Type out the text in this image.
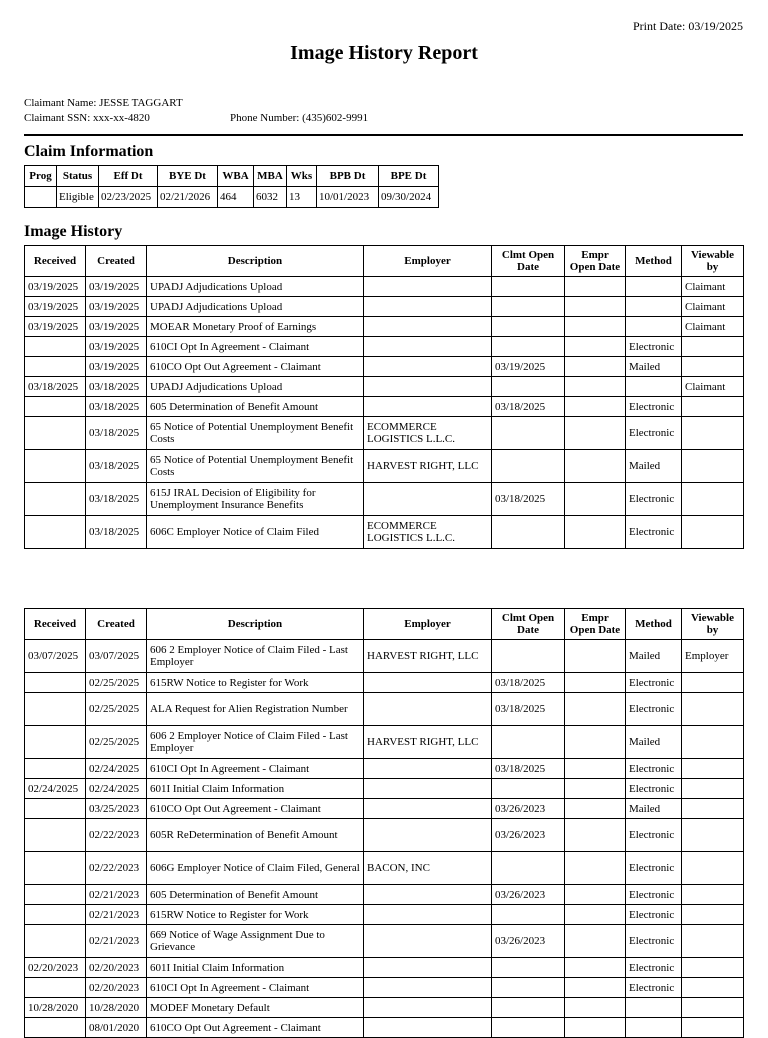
Print Date: 03/19/2025
Image History Report
Claimant Name: JESSE TAGGART
Claimant SSN: xxx-xx-4820	Phone Number: (435)602-9991
Claim Information
Prog	Status	Eff Dt	BYE Dt	WBA	MBA	Wks	BPB Dt	BPE Dt
	Eligible	02/23/2025	02/21/2026	464	6032	13	10/01/2023	09/30/2024
Image History
Received	Created	Description	Employer	Clmt Open Date	Empr Open Date	Method	Viewable by
03/19/2025	03/19/2025	UPADJ Adjudications Upload					Claimant
03/19/2025	03/19/2025	UPADJ Adjudications Upload					Claimant
03/19/2025	03/19/2025	MOEAR Monetary Proof of Earnings					Claimant
	03/19/2025	610CI Opt In Agreement - Claimant				Electronic	
	03/19/2025	610CO Opt Out Agreement - Claimant		03/19/2025		Mailed	
03/18/2025	03/18/2025	UPADJ Adjudications Upload					Claimant
	03/18/2025	605 Determination of Benefit Amount		03/18/2025		Electronic	
	03/18/2025	65 Notice of Potential Unemployment Benefit Costs	ECOMMERCE LOGISTICS L.L.C.			Electronic	
	03/18/2025	65 Notice of Potential Unemployment Benefit Costs	HARVEST RIGHT, LLC			Mailed	
	03/18/2025	615J IRAL Decision of Eligibility for Unemployment Insurance Benefits		03/18/2025		Electronic	
	03/18/2025	606C Employer Notice of Claim Filed	ECOMMERCE LOGISTICS L.L.C.			Electronic	
Received	Created	Description	Employer	Clmt Open Date	Empr Open Date	Method	Viewable by
03/07/2025	03/07/2025	606 2 Employer Notice of Claim Filed - Last Employer	HARVEST RIGHT, LLC			Mailed	Employer
	02/25/2025	615RW Notice to Register for Work		03/18/2025		Electronic	
	02/25/2025	ALA Request for Alien Registration Number		03/18/2025		Electronic	
	02/25/2025	606 2 Employer Notice of Claim Filed - Last Employer	HARVEST RIGHT, LLC			Mailed	
	02/24/2025	610CI Opt In Agreement - Claimant		03/18/2025		Electronic	
02/24/2025	02/24/2025	601I Initial Claim Information				Electronic	
	03/25/2023	610CO Opt Out Agreement - Claimant		03/26/2023		Mailed	
	02/22/2023	605R ReDetermination of Benefit Amount		03/26/2023		Electronic	
	02/22/2023	606G Employer Notice of Claim Filed, General	BACON, INC			Electronic	
	02/21/2023	605 Determination of Benefit Amount		03/26/2023		Electronic	
	02/21/2023	615RW Notice to Register for Work				Electronic	
	02/21/2023	669 Notice of Wage Assignment Due to Grievance		03/26/2023		Electronic	
02/20/2023	02/20/2023	601I Initial Claim Information				Electronic	
	02/20/2023	610CI Opt In Agreement - Claimant				Electronic	
10/28/2020	10/28/2020	MODEF Monetary Default					
	08/01/2020	610CO Opt Out Agreement - Claimant					
